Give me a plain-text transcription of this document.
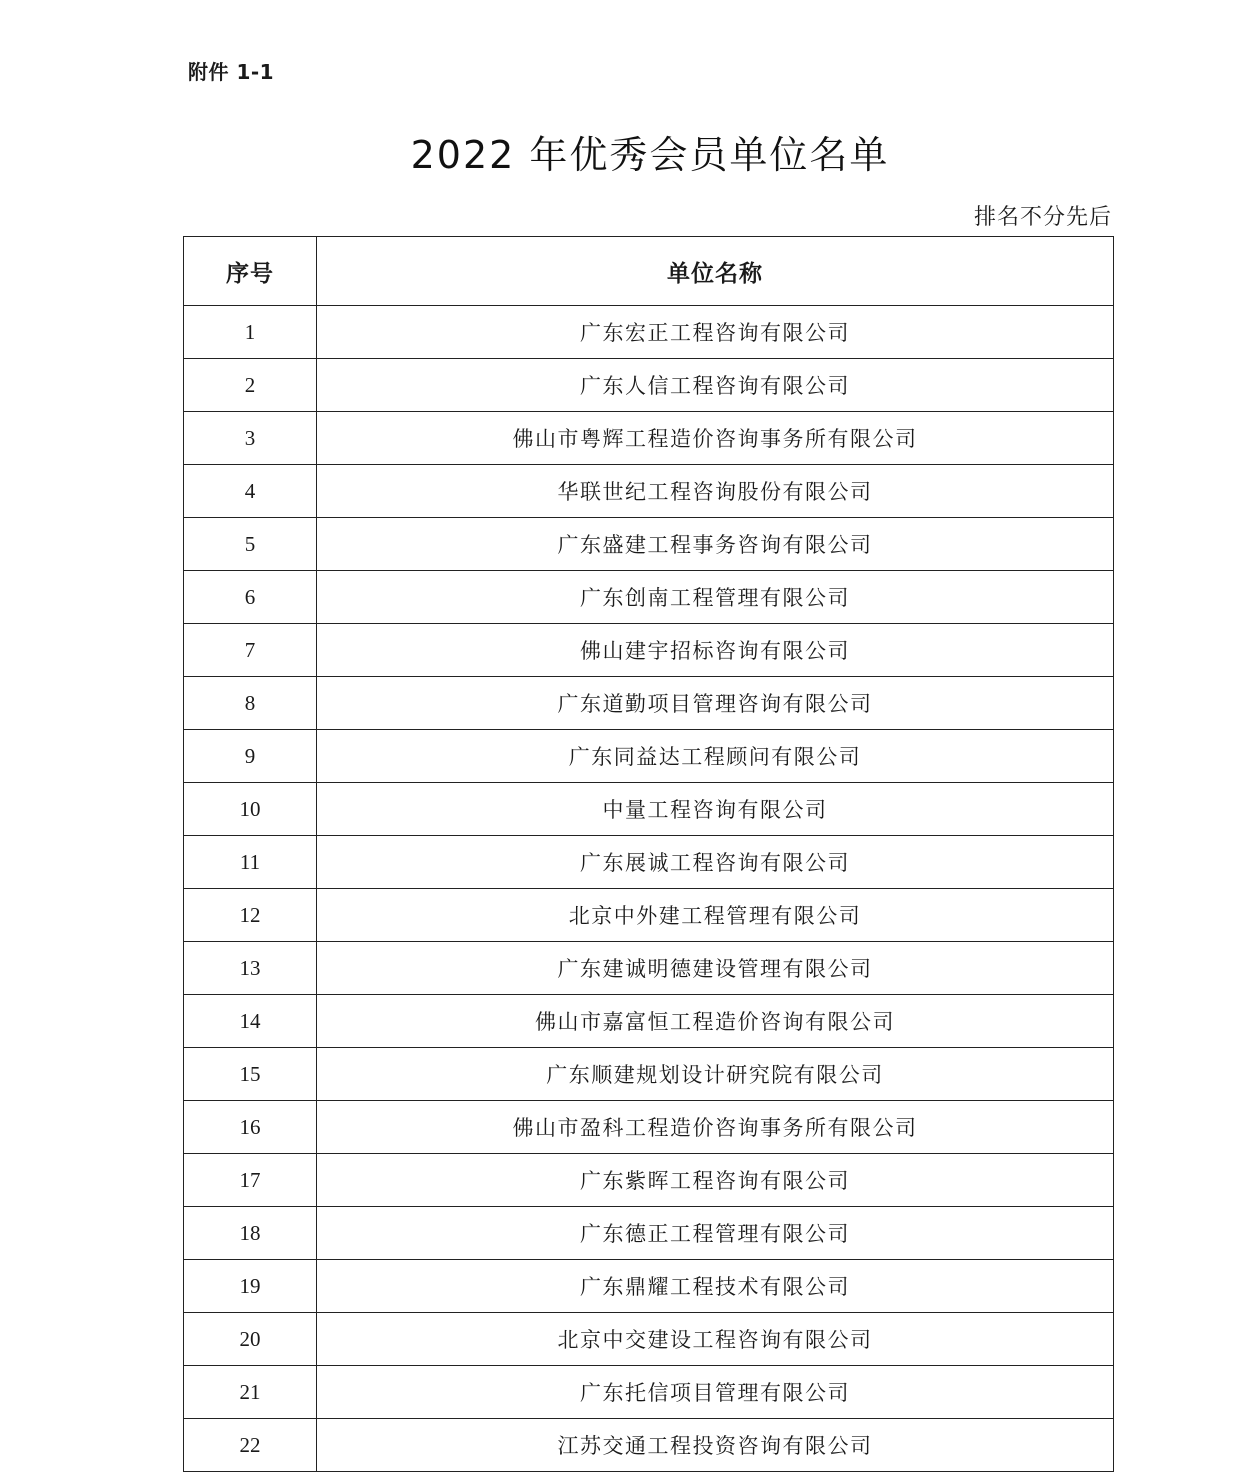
附件 1-1
2022 年优秀会员单位名单
排名不分先后
序号	单位名称
1	广东宏正工程咨询有限公司
2	广东人信工程咨询有限公司
3	佛山市粤辉工程造价咨询事务所有限公司
4	华联世纪工程咨询股份有限公司
5	广东盛建工程事务咨询有限公司
6	广东创南工程管理有限公司
7	佛山建宇招标咨询有限公司
8	广东道勤项目管理咨询有限公司
9	广东同益达工程顾问有限公司
10	中量工程咨询有限公司
11	广东展诚工程咨询有限公司
12	北京中外建工程管理有限公司
13	广东建诚明德建设管理有限公司
14	佛山市嘉富恒工程造价咨询有限公司
15	广东顺建规划设计研究院有限公司
16	佛山市盈科工程造价咨询事务所有限公司
17	广东紫晖工程咨询有限公司
18	广东德正工程管理有限公司
19	广东鼎耀工程技术有限公司
20	北京中交建设工程咨询有限公司
21	广东托信项目管理有限公司
22	江苏交通工程投资咨询有限公司
